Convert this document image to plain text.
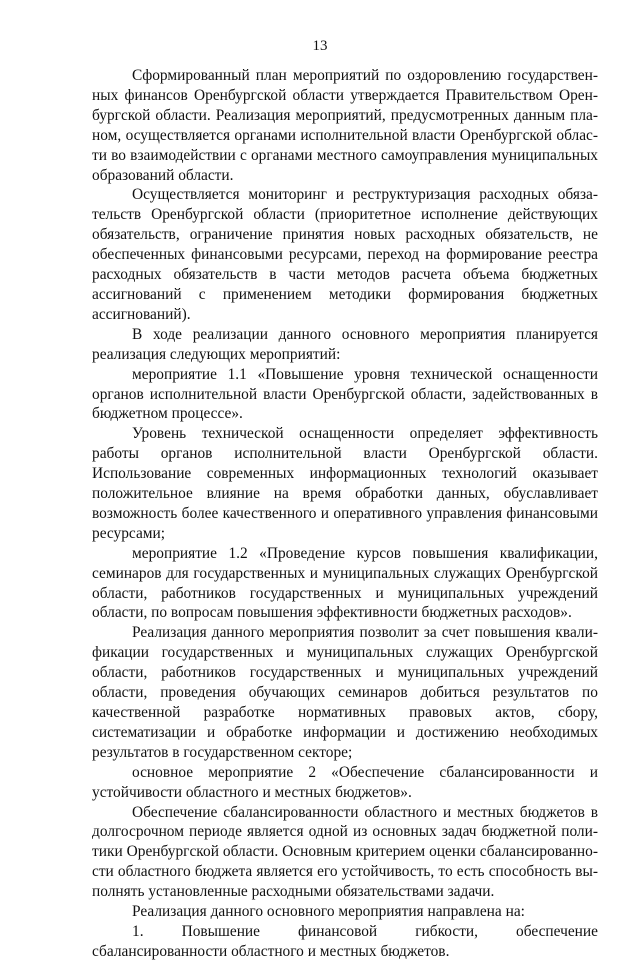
13

Сформированный план мероприятий по оздоровлению государственных финансов Оренбургской области утверждается Правительством Оренбургской области. Реализация мероприятий, предусмотренных данным планом, осуществляется органами исполнительной власти Оренбургской области во взаимодействии с органами местного самоуправления муниципальных образований области.

Осуществляется мониторинг и реструктуризация расходных обязательств Оренбургской области (приоритетное исполнение действующих обязательств, ограничение принятия новых расходных обязательств, не обеспеченных финансовыми ресурсами, переход на формирование реестра расходных обязательств в части методов расчета объема бюджетных ассигнований с применением методики формирования бюджетных ассигнований).

В ходе реализации данного основного мероприятия планируется реализация следующих мероприятий:

мероприятие 1.1 «Повышение уровня технической оснащенности органов исполнительной власти Оренбургской области, задействованных в бюджетном процессе».

Уровень технической оснащенности определяет эффективность работы органов исполнительной власти Оренбургской области. Использование современных информационных технологий оказывает положительное влияние на время обработки данных, обуславливает возможность более качественного и оперативного управления финансовыми ресурсами;

мероприятие 1.2 «Проведение курсов повышения квалификации, семинаров для государственных и муниципальных служащих Оренбургской области, работников государственных и муниципальных учреждений области, по вопросам повышения эффективности бюджетных расходов».

Реализация данного мероприятия позволит за счет повышения квалификации государственных и муниципальных служащих Оренбургской области, работников государственных и муниципальных учреждений области, проведения обучающих семинаров добиться результатов по качественной разработке нормативных правовых актов, сбору, систематизации и обработке информации и достижению необходимых результатов в государственном секторе;

основное мероприятие 2 «Обеспечение сбалансированности и устойчивости областного и местных бюджетов».

Обеспечение сбалансированности областного и местных бюджетов в долгосрочном периоде является одной из основных задач бюджетной политики Оренбургской области. Основным критерием оценки сбалансированности областного бюджета является его устойчивость, то есть способность выполнять установленные расходными обязательствами задачи.

Реализация данного основного мероприятия направлена на:

1. Повышение финансовой гибкости, обеспечение сбалансированности областного и местных бюджетов.
